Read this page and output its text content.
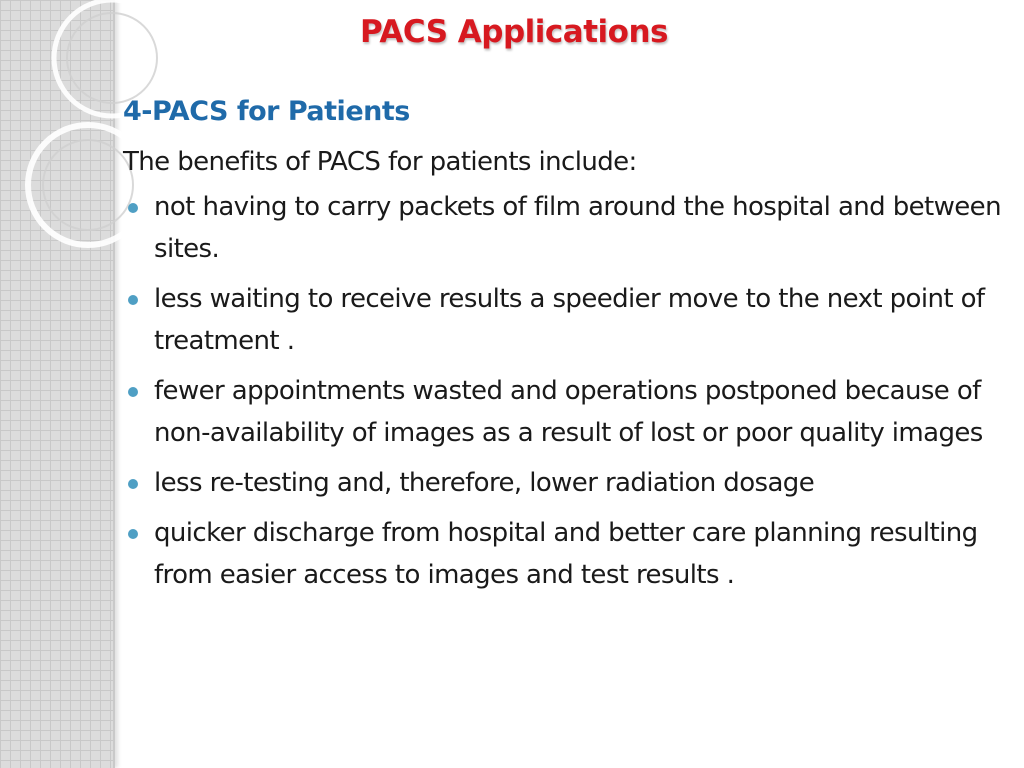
PACS Applications
4-PACS for Patients

The benefits of PACS for patients include:

not having to carry packets of film around the hospital and between sites.
less waiting to receive results a speedier move to the next point of treatment .
fewer appointments wasted and operations postponed because of non-availability of images as a result of lost or poor quality images
less re-testing and, therefore, lower radiation dosage
quicker discharge from hospital and better care planning resulting from easier access to images and test results .
